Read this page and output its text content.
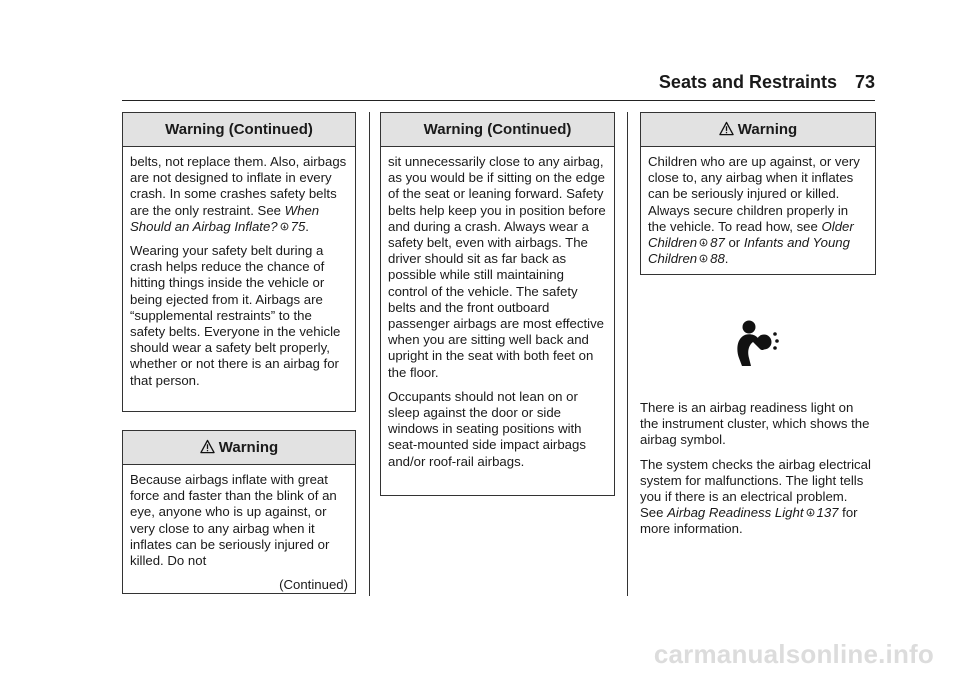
Seats and Restraints 73
Warning (Continued)

belts, not replace them. Also, airbags are not designed to inflate in every crash. In some crashes safety belts are the only restraint. See When Should an Airbag Inflate? 75.

Wearing your safety belt during a crash helps reduce the chance of hitting things inside the vehicle or being ejected from it. Airbags are “supplemental restraints” to the safety belts. Everyone in the vehicle should wear a safety belt properly, whether or not there is an airbag for that person.

Warning

Because airbags inflate with great force and faster than the blink of an eye, anyone who is up against, or very close to any airbag when it inflates can be seriously injured or killed. Do not

(Continued)
Warning (Continued)

sit unnecessarily close to any airbag, as you would be if sitting on the edge of the seat or leaning forward. Safety belts help keep you in position before and during a crash. Always wear a safety belt, even with airbags. The driver should sit as far back as possible while still maintaining control of the vehicle. The safety belts and the front outboard passenger airbags are most effective when you are sitting well back and upright in the seat with both feet on the floor.

Occupants should not lean on or sleep against the door or side windows in seating positions with seat-mounted side impact airbags and/or roof-rail airbags.

Warning

Children who are up against, or very close to, any airbag when it inflates can be seriously injured or killed. Always secure children properly in the vehicle. To read how, see Older Children 87 or Infants and Young Children 88.

There is an airbag readiness light on the instrument cluster, which shows the airbag symbol.

The system checks the airbag electrical system for malfunctions. The light tells you if there is an electrical problem. See Airbag Readiness Light 137 for more information.

carmanualsonline.info
